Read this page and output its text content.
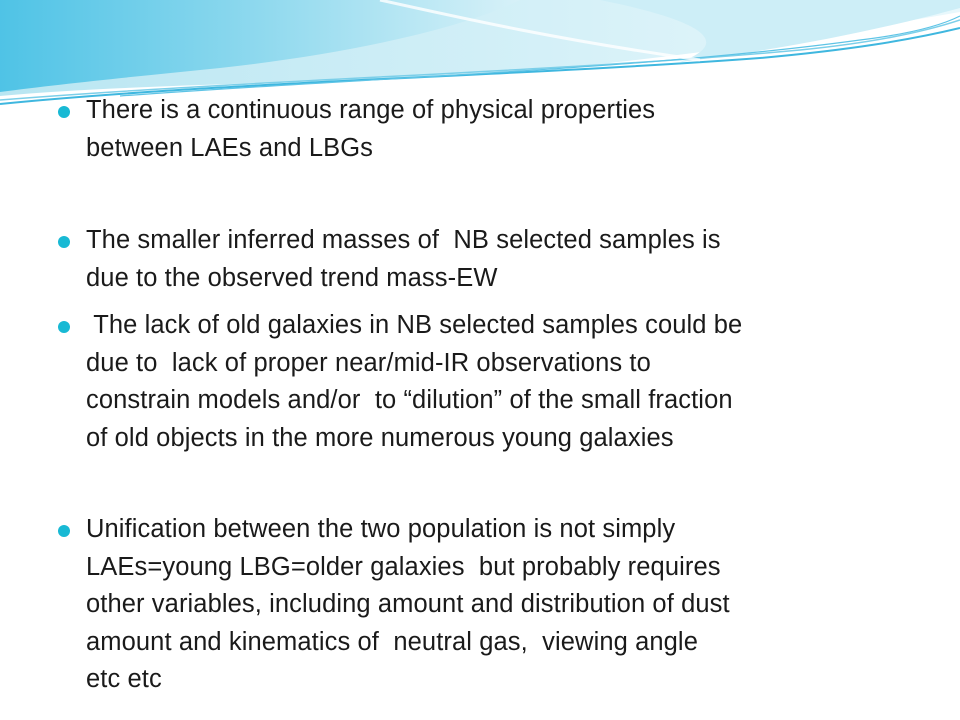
There is a continuous range of physical properties
between LAEs and LBGs
The smaller inferred masses of  NB selected samples is
due to the observed trend mass-EW
The lack of old galaxies in NB selected samples could be
due to  lack of proper near/mid-IR observations to
constrain models and/or  to “dilution” of the small fraction
of old objects in the more numerous young galaxies
Unification between the two population is not simply
LAEs=young LBG=older galaxies  but probably requires
other variables, including amount and distribution of dust
amount and kinematics of  neutral gas,  viewing angle
etc etc
